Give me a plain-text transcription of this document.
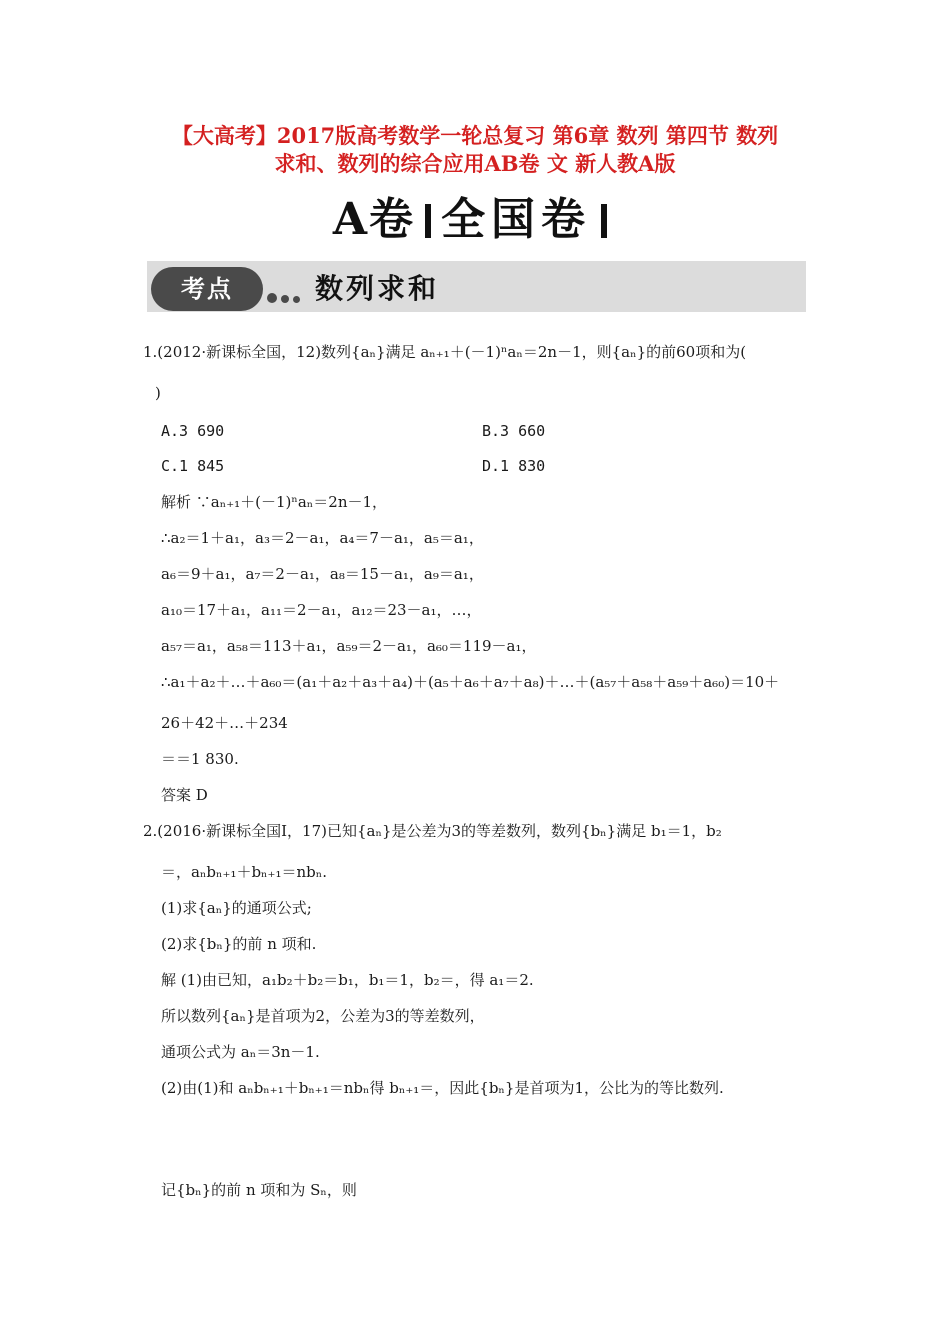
【大高考】2017版高考数学一轮总复习 第6章 数列 第四节 数列
求和、数列的综合应用AB卷 文 新人教A版
A卷 全国卷
考点	数列求和
1.(2012·新课标全国，12)数列{aₙ}满足 aₙ₊₁＋(－1)ⁿaₙ＝2n－1，则{aₙ}的前60项和为(
)
A.3 690	B.3 660
C.1 845	D.1 830
解析 ∵aₙ₊₁＋(－1)ⁿaₙ＝2n－1，
∴a₂＝1＋a₁，a₃＝2－a₁，a₄＝7－a₁，a₅＝a₁，
a₆＝9＋a₁，a₇＝2－a₁，a₈＝15－a₁，a₉＝a₁，
a₁₀＝17＋a₁，a₁₁＝2－a₁，a₁₂＝23－a₁，…，
a₅₇＝a₁，a₅₈＝113＋a₁，a₅₉＝2－a₁，a₆₀＝119－a₁，
∴a₁＋a₂＋…＋a₆₀＝(a₁＋a₂＋a₃＋a₄)＋(a₅＋a₆＋a₇＋a₈)＋…＋(a₅₇＋a₅₈＋a₅₉＋a₆₀)＝10＋
26＋42＋…＋234
＝＝1 830.
答案 D
2.(2016·新课标全国Ⅰ，17)已知{aₙ}是公差为3的等差数列，数列{bₙ}满足 b₁＝1，b₂
＝，aₙbₙ₊₁＋bₙ₊₁＝nbₙ.
(1)求{aₙ}的通项公式;
(2)求{bₙ}的前 n 项和.
解 (1)由已知，a₁b₂＋b₂＝b₁，b₁＝1，b₂＝，得 a₁＝2.
所以数列{aₙ}是首项为2，公差为3的等差数列，
通项公式为 aₙ＝3n－1.
(2)由(1)和 aₙbₙ₊₁＋bₙ₊₁＝nbₙ得 bₙ₊₁＝，因此{bₙ}是首项为1，公比为的等比数列.
记{bₙ}的前 n 项和为 Sₙ，则
